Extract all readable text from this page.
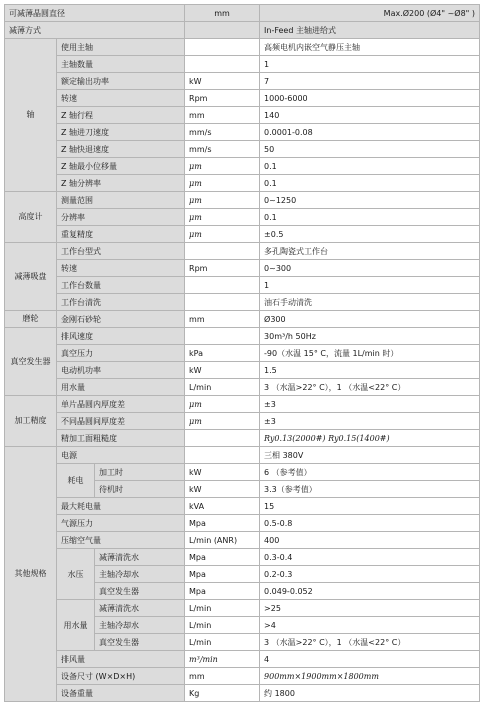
可减薄晶圆直径			mm	Max.Ø200 (Ø4" ~Ø8" )
减薄方式				In-Feed 主轴进给式
轴	使用主轴			高频电机内嵌空气静压主轴
	主轴数量			1
	额定输出功率		kW	7
	转速		Rpm	1000-6000
	Z 轴行程		mm	140
	Z 轴进刀速度		mm/s	0.0001-0.08
	Z 轴快退速度		mm/s	50
	Z 轴最小位移量		μm	0.1
	Z 轴分辨率		μm	0.1
高度计	测量范围		μm	0~1250
	分辨率		μm	0.1
	重复精度		μm	±0.5
减薄吸盘	工作台型式			多孔陶瓷式工作台
	转速		Rpm	0~300
	工作台数量			1
	工作台清洗			油石手动清洗
磨轮	金刚石砂轮		mm	Ø300
真空发生器	排风速度			30m³/h 50Hz
	真空压力		kPa	-90（水温 15° C，流量 1L/min 时）
	电动机功率		kW	1.5
	用水量		L/min	3 （水温>22° C），1 （水温<22° C）
加工精度	单片晶圆内厚度差		μm	±3
	不同晶圆间厚度差		μm	±3
	精加工面粗糙度			Ry0.13(2000#) Ry0.15(1400#)
其他规格	电源			三相 380V
	耗电	加工时	kW	6 （参考值）
		待机时	kW	3.3（参考值）
	最大耗电量		kVA	15
	气源压力		Mpa	0.5-0.8
	压缩空气量		L/min (ANR)	400
	水压	减薄清洗水	Mpa	0.3-0.4
		主轴冷却水	Mpa	0.2-0.3
		真空发生器	Mpa	0.049-0.052
	用水量	减薄清洗水	L/min	>25
		主轴冷却水	L/min	>4
		真空发生器	L/min	3 （水温>22° C），1 （水温<22° C）
	排风量		m³/min	4
	设备尺寸 (W×D×H)		mm	900mm×1900mm×1800mm
	设备重量		Kg	约 1800
